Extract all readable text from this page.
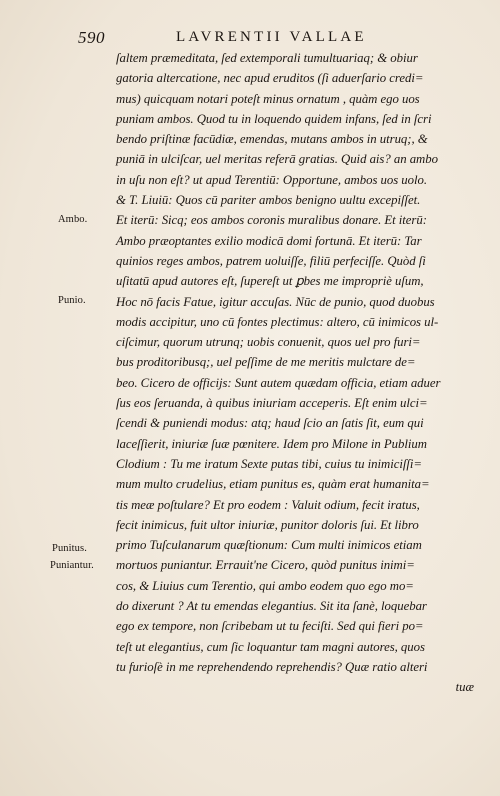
590	LAVRENTII VALLAE
Ambo.
Punio.
Punitus.
Puniantur.
ſaltem præmeditata, ſed extemporali tumultuariaq; & obiur
gatoria altercatione, nec apud eruditos (ſi aduerſario credi=
mus) quicquam notari poteſt minus ornatum , quàm ego uos
puniam ambos. Quod tu in loquendo quidem infans, ſed in ſcri
bendo priſtinæ facūdiæ, emendas, mutans ambos in utruq;, &
puniā in ulciſcar, uel meritas referā gratias. Quid ais? an ambo
in uſu non eſt? ut apud Terentiū: Opportune, ambos uos uolo.
& T. Liuiū: Quos cū pariter ambos benigno uultu excepiſſet.
Et iterū: Sicq; eos ambos coronis muralibus donare. Et iterū:
Ambo præoptantes exilio modicā domi fortunā. Et iterū: Tar
quinios reges ambos, patrem uoluiſſe, filiū perfeciſſe. Quòd ſi
uſitatū apud autores eſt, ſupereſt ut ꝑbes me impropriè uſum,
Hoc nō facis Fatue, igitur accuſas. Nūc de punio, quod duobus
modis accipitur, uno cū fontes plectimus: altero, cū inimicos ul-
ciſcimur, quorum utrunq; uobis conuenit, quos uel pro furi=
bus proditoribusq;, uel peſſime de me meritis mulctare de=
beo. Cicero de officijs: Sunt autem quædam officia, etiam aduer
ſus eos ſeruanda, à quibus iniuriam acceperis. Eſt enim ulci=
ſcendi & puniendi modus: atq; haud ſcio an ſatis ſit, eum qui
laceſſierit, iniuriæ ſuæ pœnitere. Idem pro Milone in Publium
Clodium : Tu me iratum Sexte putas tibi, cuius tu inimiciſſi=
mum multo crudelius, etiam punitus es, quàm erat humanita=
tis meæ poſtulare? Et pro eodem : Valuit odium, fecit iratus,
fecit inimicus, fuit ultor iniuriæ, punitor doloris ſui. Et libro
primo Tuſculanarum quæſtionum: Cum multi inimicos etiam
mortuos puniantur. Errauit'ne Cicero, quòd punitus inimi=
cos, & Liuius cum Terentio, qui ambo eodem quo ego mo=
do dixerunt ? At tu emendas elegantius. Sit ita ſanè, loquebar
ego ex tempore, non ſcribebam ut tu feciſti. Sed qui fieri po=
teſt ut elegantius, cum ſic loquantur tam magni autores, quos
tu furioſè in me reprehendendo reprehendis? Quæ ratio alteri
tuæ
